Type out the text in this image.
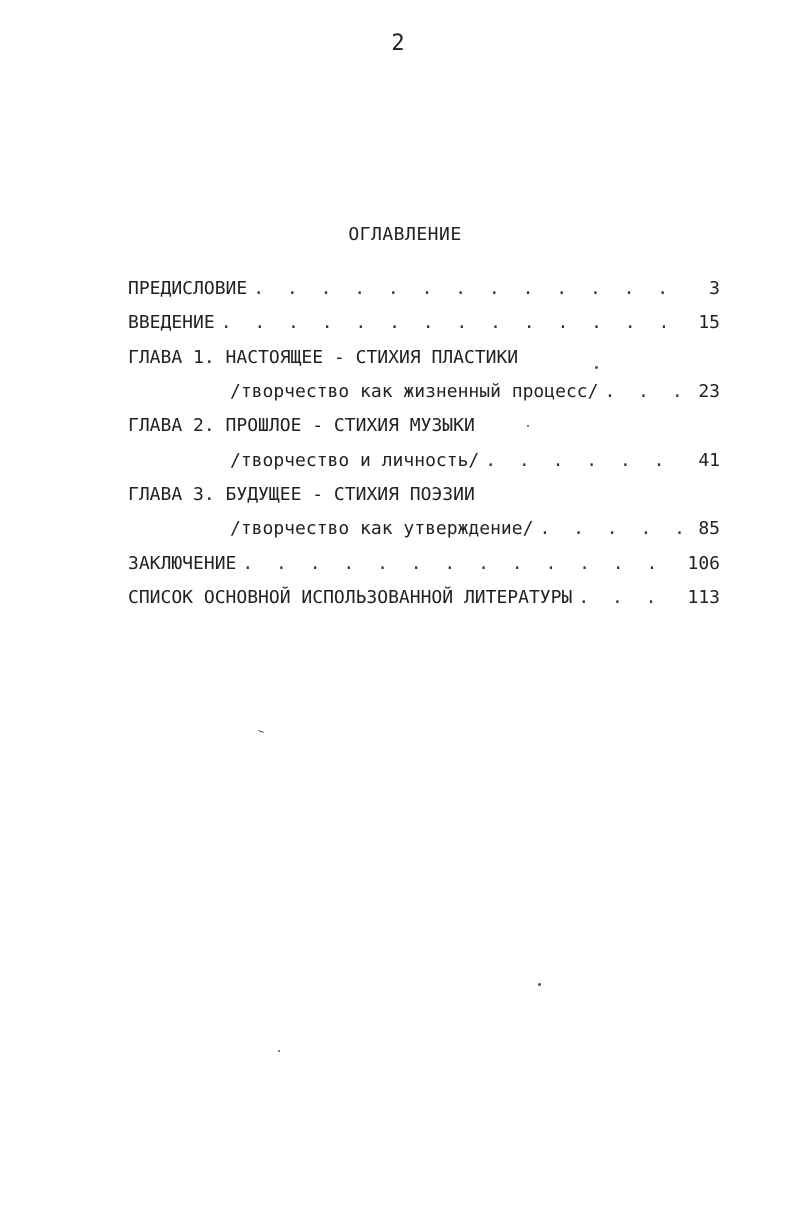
2
ОГЛАВЛЕНИЕ
ПРЕДИСЛОВИЕ . . .	3
ВВЕДЕНИЕ . . .	15
ГЛАВА 1.
НАСТОЯЩЕЕ - СТИХИЯ ПЛАСТИКИ
/творчество как жизненный процесс/ . . .	23
ГЛАВА 2.
ПРОШЛОЕ - СТИХИЯ МУЗЫКИ
/творчество и личность/ . . .	41
ГЛАВА 3.
БУДУЩЕЕ - СТИХИЯ ПОЭЗИИ
/творчество как утверждение/ . . .	85
ЗАКЛЮЧЕНИЕ . . .	106
СПИСОК ОСНОВНОЙ ИСПОЛЬЗОВАННОЙ ЛИТЕРАТУРЫ . . .	113
